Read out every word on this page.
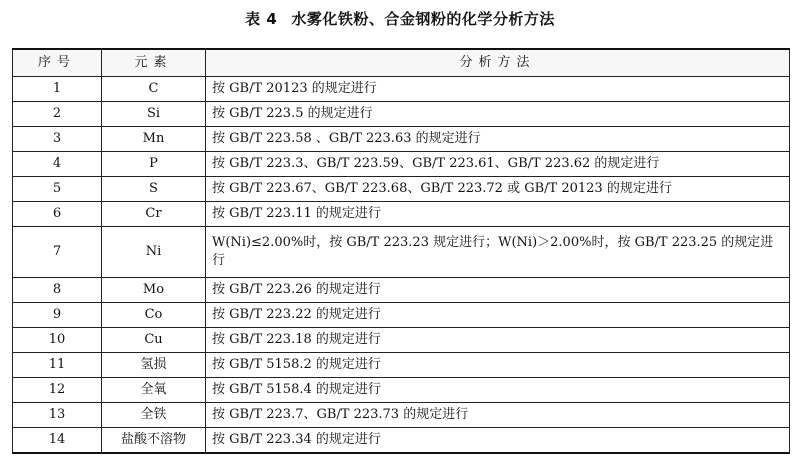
表 4 水雾化铁粉、合金钢粉的化学分析方法
序号	元素	分析方法
1	C	按 GB/T 20123 的规定进行
2	Si	按 GB/T 223.5 的规定进行
3	Mn	按 GB/T 223.58 、GB/T 223.63 的规定进行
4	P	按 GB/T 223.3、GB/T 223.59、GB/T 223.61、GB/T 223.62 的规定进行
5	S	按 GB/T 223.67、GB/T 223.68、GB/T 223.72 或 GB/T 20123 的规定进行
6	Cr	按 GB/T 223.11 的规定进行
7	Ni	W(Ni)≤2.00%时，按 GB/T 223.23 规定进行；W(Ni)＞2.00%时，按 GB/T 223.25 的规定进行
8	Mo	按 GB/T 223.26 的规定进行
9	Co	按 GB/T 223.22 的规定进行
10	Cu	按 GB/T 223.18 的规定进行
11	氢损	按 GB/T 5158.2 的规定进行
12	全氧	按 GB/T 5158.4 的规定进行
13	全铁	按 GB/T 223.7、GB/T 223.73 的规定进行
14	盐酸不溶物	按 GB/T 223.34 的规定进行
